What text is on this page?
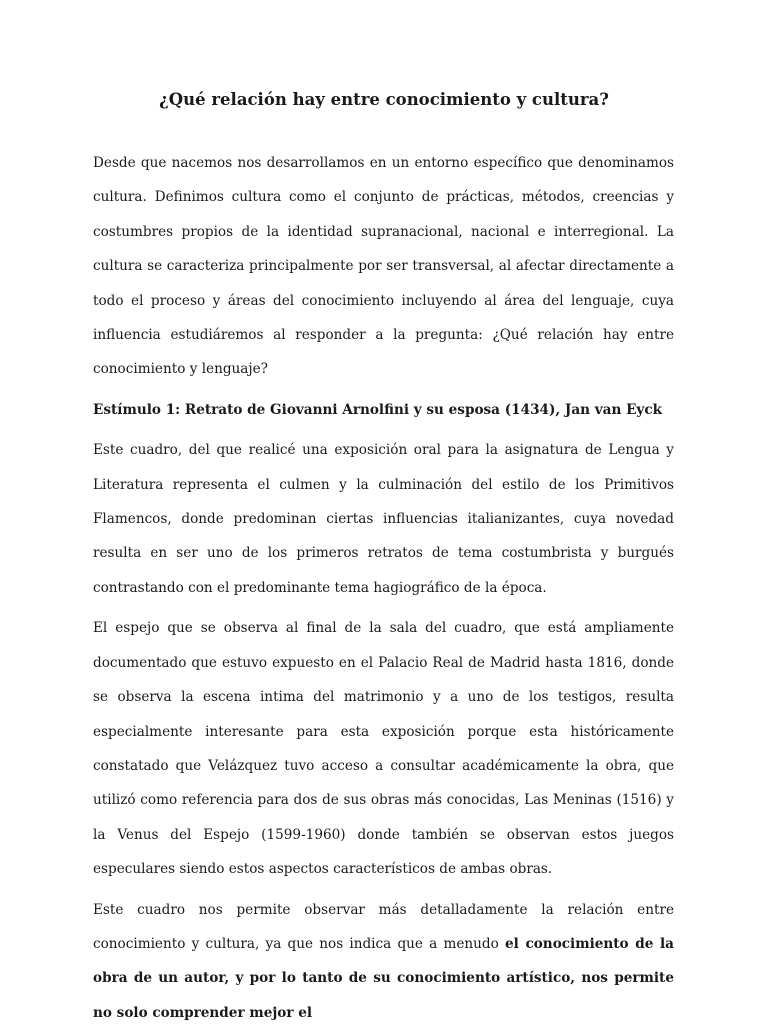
¿Qué relación hay entre conocimiento y cultura?

Desde que nacemos nos desarrollamos en un entorno específico que denominamos cultura. Definimos cultura como el conjunto de prácticas, métodos, creencias y costumbres propios de la identidad supranacional, nacional e interregional. La cultura se caracteriza principalmente por ser transversal, al afectar directamente a todo el proceso y áreas del conocimiento incluyendo al área del lenguaje, cuya influencia estudiáremos al responder a la pregunta: ¿Qué relación hay entre conocimiento y lenguaje?

Estímulo 1: Retrato de Giovanni Arnolfini y su esposa (1434), Jan van Eyck

Este cuadro, del que realicé una exposición oral para la asignatura de Lengua y Literatura representa el culmen y la culminación del estilo de los Primitivos Flamencos, donde predominan ciertas influencias italianizantes, cuya novedad resulta en ser uno de los primeros retratos de tema costumbrista y burgués contrastando con el predominante tema hagiográfico de la época.

El espejo que se observa al final de la sala del cuadro, que está ampliamente documentado que estuvo expuesto en el Palacio Real de Madrid hasta 1816, donde se observa la escena intima del matrimonio y a uno de los testigos, resulta especialmente interesante para esta exposición porque esta históricamente constatado que Velázquez tuvo acceso a consultar académicamente la obra, que utilizó como referencia para dos de sus obras más conocidas, Las Meninas (1516) y la Venus del Espejo (1599-1960) donde también se observan estos juegos especulares siendo estos aspectos característicos de ambas obras.

Este cuadro nos permite observar más detalladamente la relación entre conocimiento y cultura, ya que nos indica que a menudo el conocimiento de la obra de un autor, y por lo tanto de su conocimiento artístico, nos permite no solo comprender mejor el
